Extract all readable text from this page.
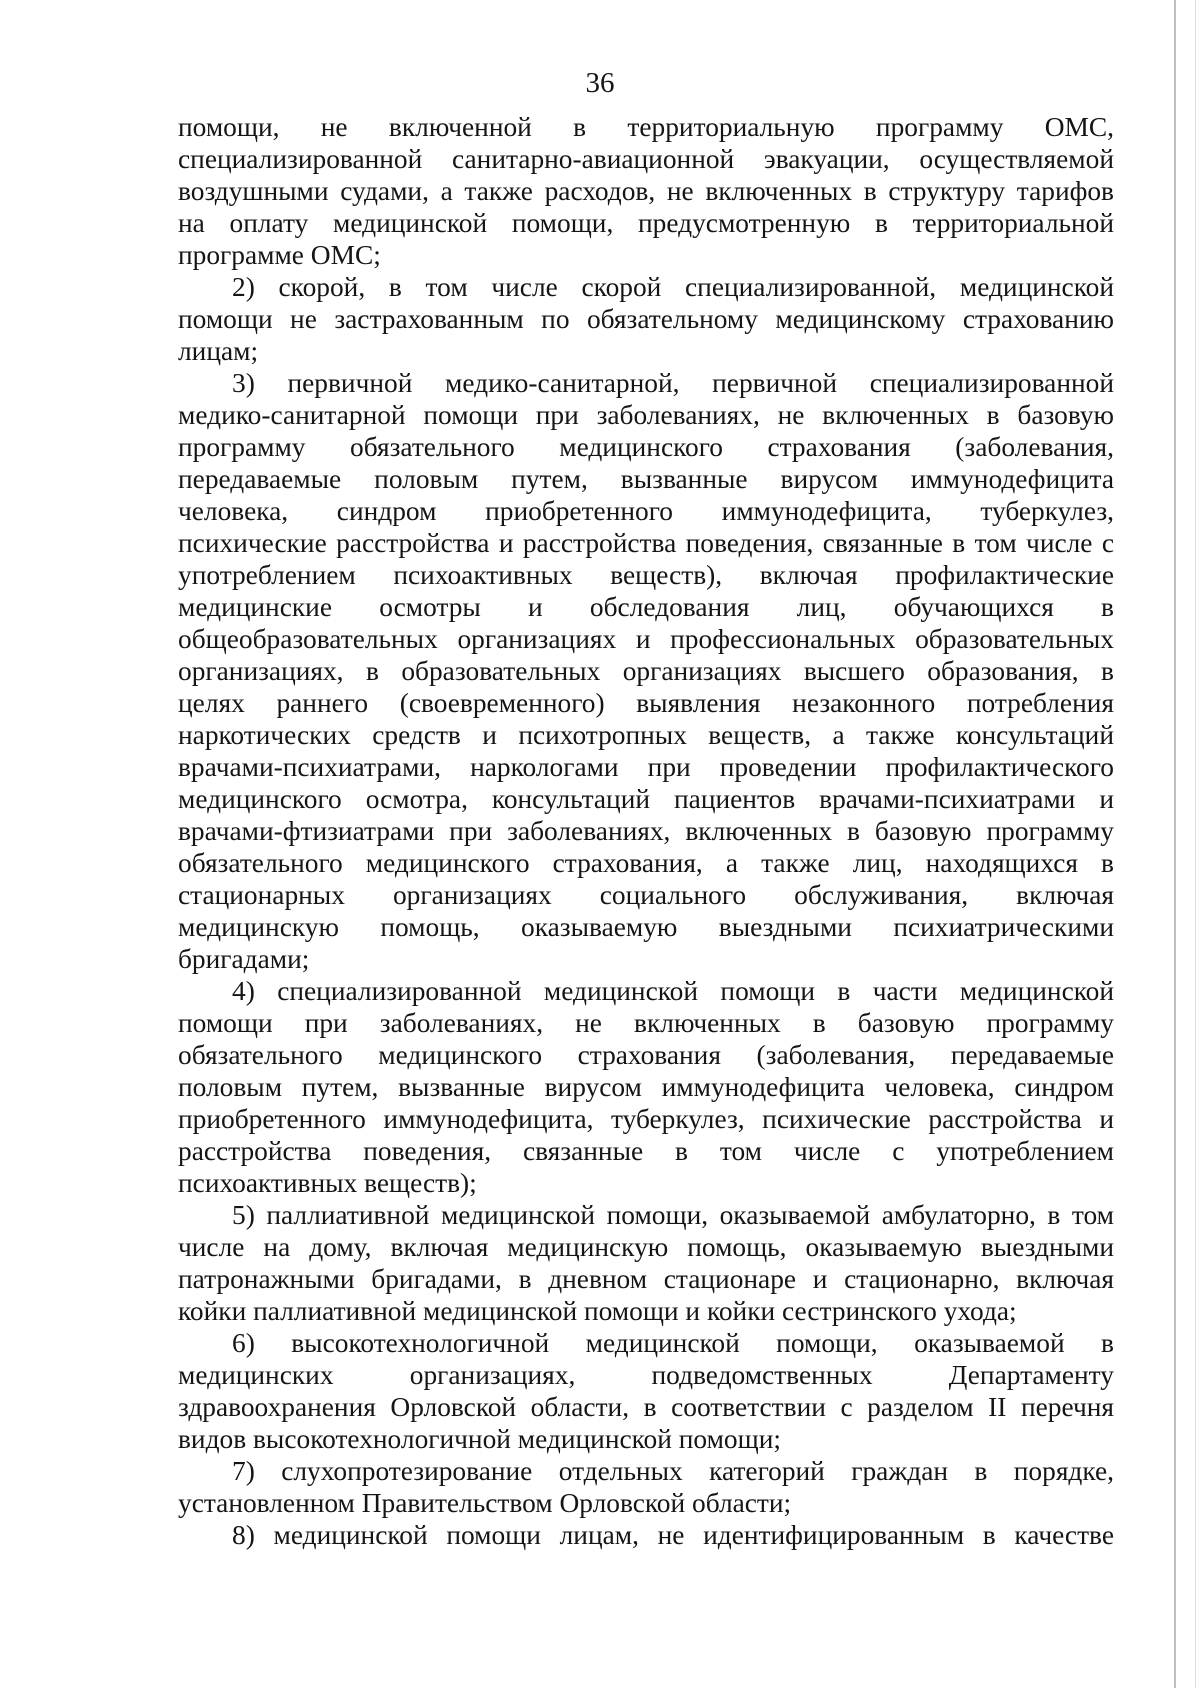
36
помощи, не включенной в территориальную программу ОМС,
специализированной санитарно-авиационной эвакуации, осуществляемой
воздушными судами, а также расходов, не включенных в структуру тарифов
на оплату медицинской помощи, предусмотренную в территориальной
программе ОМС;
2) скорой, в том числе скорой специализированной, медицинской
помощи не застрахованным по обязательному медицинскому страхованию
лицам;
3) первичной медико-санитарной, первичной специализированной
медико-санитарной помощи при заболеваниях, не включенных в базовую
программу обязательного медицинского страхования (заболевания,
передаваемые половым путем, вызванные вирусом иммунодефицита
человека, синдром приобретенного иммунодефицита, туберкулез,
психические расстройства и расстройства поведения, связанные в том числе с
употреблением психоактивных веществ), включая профилактические
медицинские осмотры и обследования лиц, обучающихся в
общеобразовательных организациях и профессиональных образовательных
организациях, в образовательных организациях высшего образования, в
целях раннего (своевременного) выявления незаконного потребления
наркотических средств и психотропных веществ, а также консультаций
врачами-психиатрами, наркологами при проведении профилактического
медицинского осмотра, консультаций пациентов врачами-психиатрами и
врачами-фтизиатрами при заболеваниях, включенных в базовую программу
обязательного медицинского страхования, а также лиц, находящихся в
стационарных организациях социального обслуживания, включая
медицинскую помощь, оказываемую выездными психиатрическими
бригадами;
4) специализированной медицинской помощи в части медицинской
помощи при заболеваниях, не включенных в базовую программу
обязательного медицинского страхования (заболевания, передаваемые
половым путем, вызванные вирусом иммунодефицита человека, синдром
приобретенного иммунодефицита, туберкулез, психические расстройства и
расстройства поведения, связанные в том числе с употреблением
психоактивных веществ);
5) паллиативной медицинской помощи, оказываемой амбулаторно, в том
числе на дому, включая медицинскую помощь, оказываемую выездными
патронажными бригадами, в дневном стационаре и стационарно, включая
койки паллиативной медицинской помощи и койки сестринского ухода;
6) высокотехнологичной медицинской помощи, оказываемой в
медицинских организациях, подведомственных Департаменту
здравоохранения Орловской области, в соответствии с разделом II перечня
видов высокотехнологичной медицинской помощи;
7) слухопротезирование отдельных категорий граждан в порядке,
установленном Правительством Орловской области;
8) медицинской помощи лицам, не идентифицированным в качестве
